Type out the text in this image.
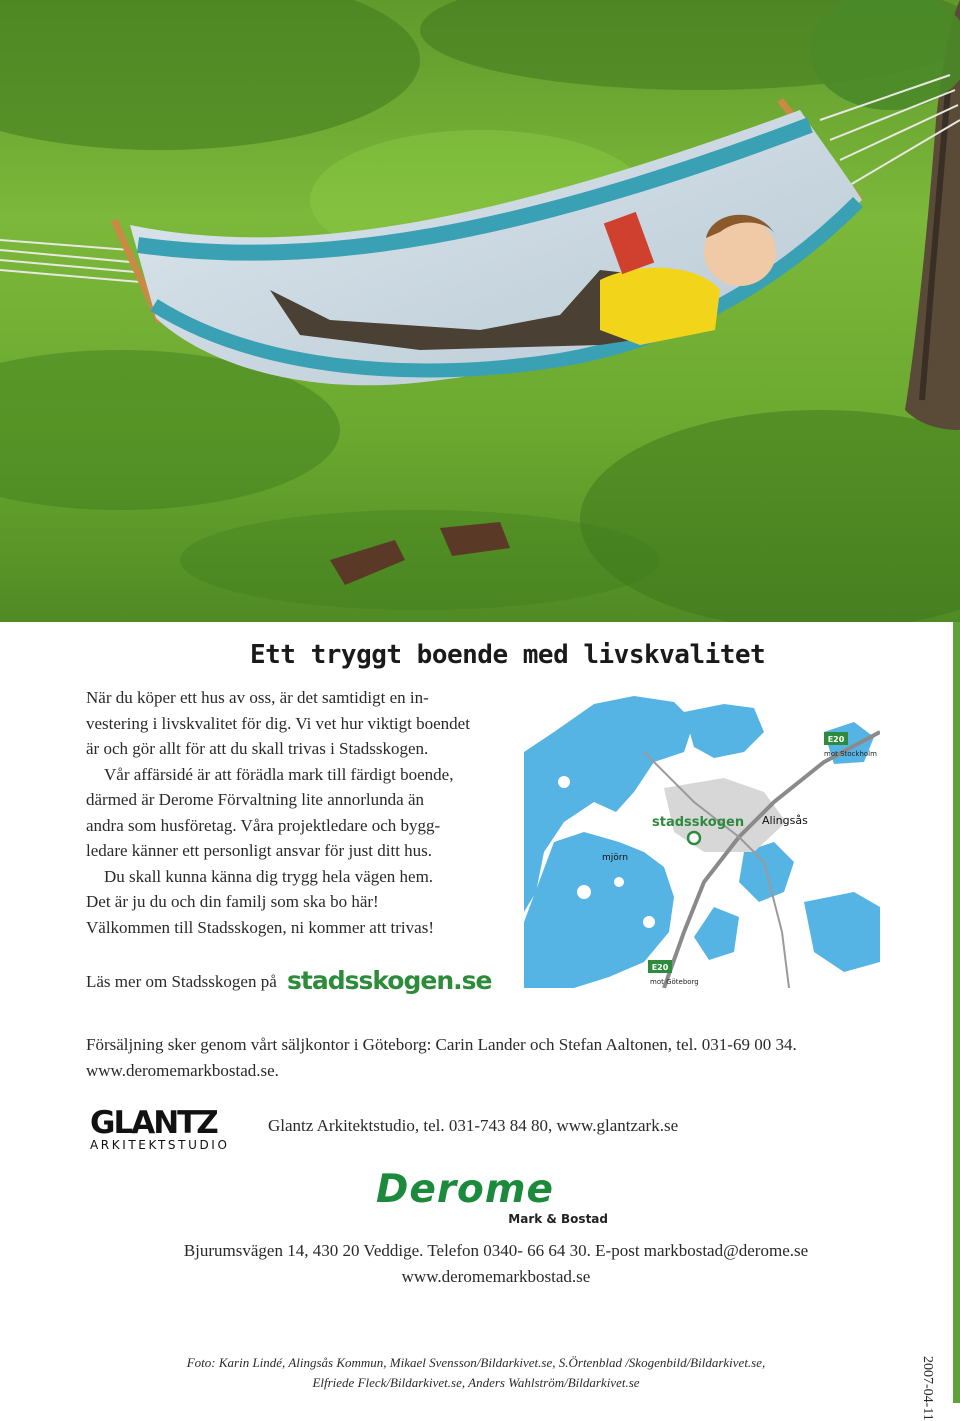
Ett tryggt boende med livskvalitet

När du köper ett hus av oss, är det samtidigt en in-

vestering i livskvalitet för dig. Vi vet hur viktigt boendet

är och gör allt för att du skall trivas i Stadsskogen.

Vår affärsidé är att förädla mark till färdigt boende,

därmed är Derome Förvaltning lite annorlunda än

andra som husföretag. Våra projektledare och bygg-

ledare känner ett personligt ansvar för just ditt hus.

Du skall kunna känna dig trygg hela vägen hem.

Det är ju du och din familj som ska bo här!

Välkommen till Stadsskogen, ni kommer att trivas!

Läs mer om Stadsskogen på stadsskogen.se
E20
mot Stockholm
stadsskogen Alingsås
mjörn
E20
mot Göteborg

Försäljning sker genom vårt säljkontor i Göteborg: Carin Lander och Stefan Aaltonen, tel. 031-69 00 34.

www.deromemarkbostad.se.

GLANTZ
ARKITEKTSTUDIO
Glantz Arkitektstudio, tel. 031-743 84 80, www.glantzark.se
Derome
Mark & Bostad

Bjurumsvägen 14, 430 20 Veddige. Telefon 0340- 66 64 30. E-post markbostad@derome.se

www.deromemarkbostad.se

Foto: Karin Lindé, Alingsås Kommun, Mikael Svensson/Bildarkivet.se, S.Örtenblad /Skogenbild/Bildarkivet.se,

Elfriede Fleck/Bildarkivet.se, Anders Wahlström/Bildarkivet.se	2007-04-11
